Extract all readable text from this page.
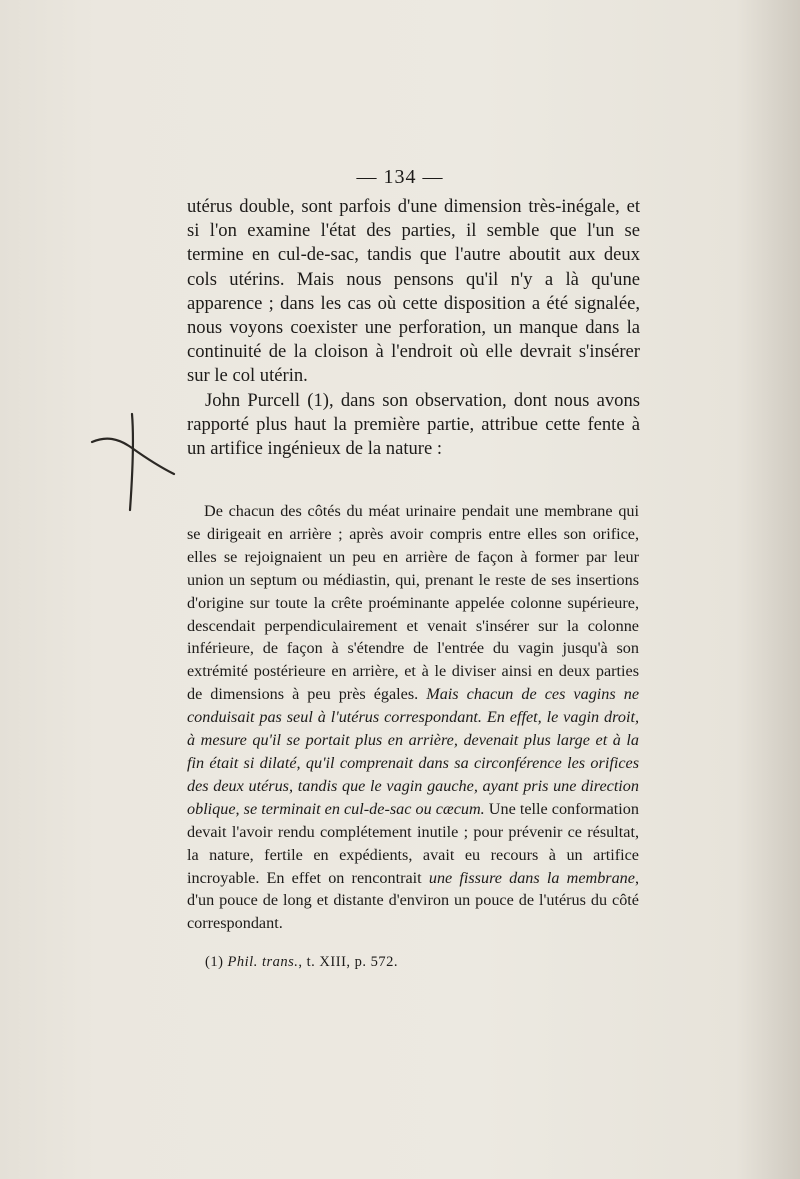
— 134 —

utérus double, sont parfois d'une dimension très-inégale, et si l'on examine l'état des parties, il semble que l'un se termine en cul-de-sac, tandis que l'autre aboutit aux deux cols utérins. Mais nous pensons qu'il n'y a là qu'une apparence ; dans les cas où cette disposition a été signalée, nous voyons coexister une perforation, un manque dans la continuité de la cloison à l'endroit où elle devrait s'insérer sur le col utérin.

John Purcell (1), dans son observation, dont nous avons rapporté plus haut la première partie, attribue cette fente à un artifice ingénieux de la nature :

De chacun des côtés du méat urinaire pendait une membrane qui se dirigeait en arrière ; après avoir compris entre elles son orifice, elles se rejoignaient un peu en arrière de façon à former par leur union un septum ou médiastin, qui, prenant le reste de ses insertions d'origine sur toute la crête proéminante appelée colonne supérieure, descendait perpendiculairement et venait s'insérer sur la colonne inférieure, de façon à s'étendre de l'entrée du vagin jusqu'à son extrémité postérieure en arrière, et à le diviser ainsi en deux parties de dimensions à peu près égales. Mais chacun de ces vagins ne conduisait pas seul à l'utérus correspondant. En effet, le vagin droit, à mesure qu'il se portait plus en arrière, devenait plus large et à la fin était si dilaté, qu'il comprenait dans sa circonférence les orifices des deux utérus, tandis que le vagin gauche, ayant pris une direction oblique, se terminait en cul-de-sac ou cæcum. Une telle conformation devait l'avoir rendu complétement inutile ; pour prévenir ce résultat, la nature, fertile en expédients, avait eu recours à un artifice incroyable. En effet on rencontrait une fissure dans la membrane, d'un pouce de long et distante d'environ un pouce de l'utérus du côté correspondant.

(1) Phil. trans., t. XIII, p. 572.
